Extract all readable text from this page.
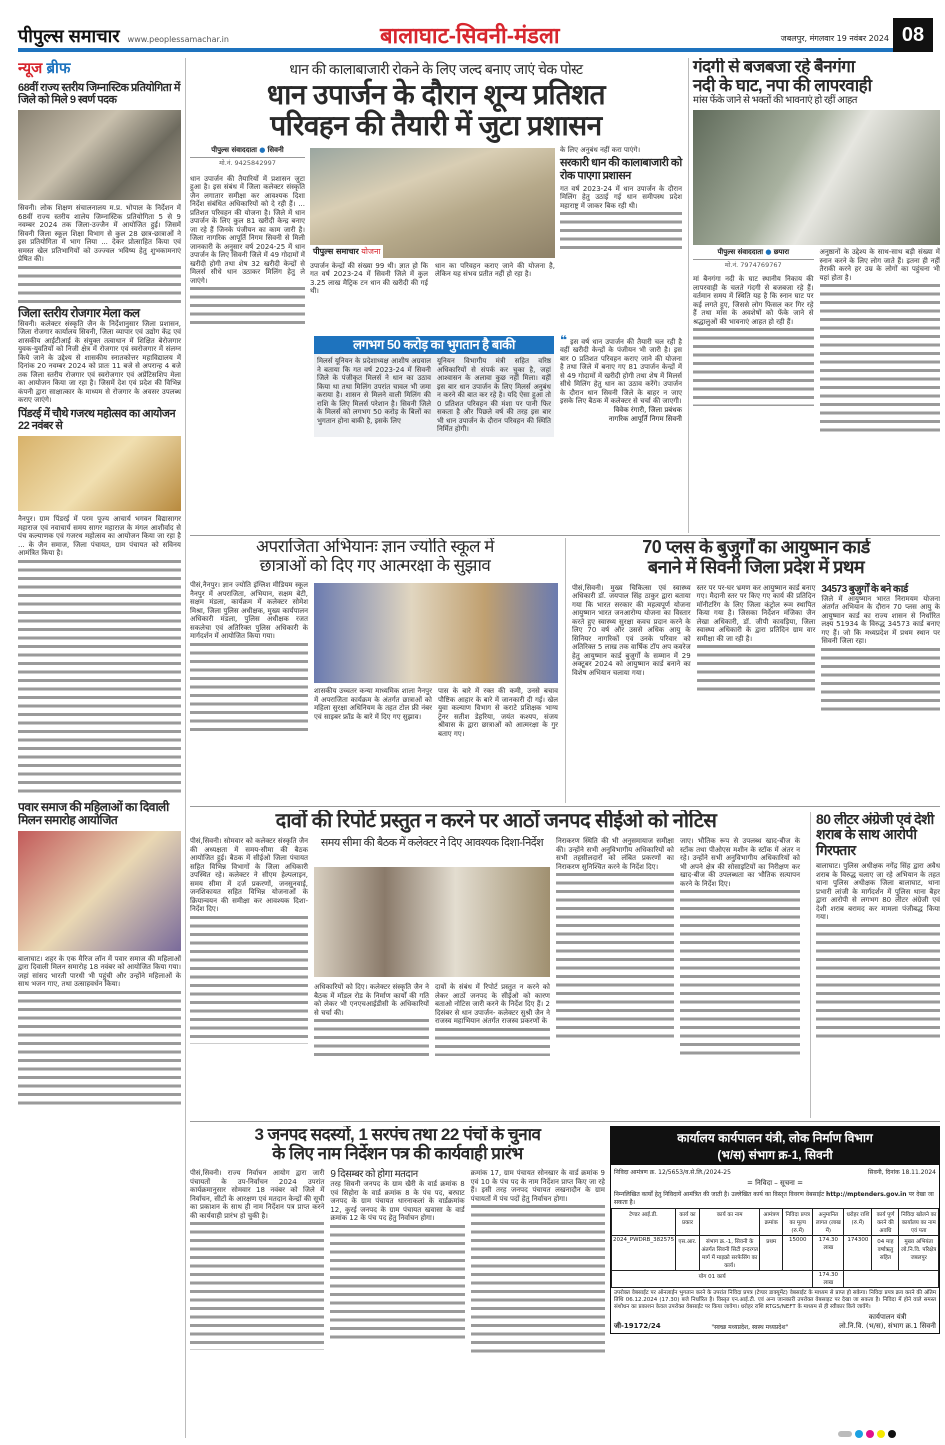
पीपुल्स समाचार www.peoplessamachar.in	बालाघाट-सिवनी-मंडला	जबलपुर, मंगलवार 19 नवंबर 2024 08
न्यूज ब्रीफ
68वीं राज्य स्तरीय जिम्नास्टिक प्रतियोगिता में जिले को मिले 9 स्वर्ण पदक
सिवनी। लोक शिक्षण संचालनालय म.प्र. भोपाल के निर्देशन में 68वीं राज्य स्तरीय शालेय जिम्नास्टिक प्रतियोगिता 5 से 9 नवम्बर 2024 तक जिला-उज्जैन में आयोजित हुई। जिसमें सिवनी जिला स्कूल शिक्षा विभाग से कुल 28 छात्र-छात्राओं ने इस प्रतियोगिता में भाग लिया ... देकर प्रोत्साहित किया एवं समस्त खेल प्रतिभागियों को उज्ज्वल भविष्य हेतु शुभकामनाएं प्रेषित की।
जिला स्तरीय रोजगार मेला कल
सिवनी। कलेक्टर संस्कृति जैन के निर्देशानुसार जिला प्रशासन, जिला रोजगार कार्यालय सिवनी, जिला व्यापार एवं उद्योग केंद्र एवं शासकीय आईटीआई के संयुक्त तत्वाधान में शिक्षित बेरोजगार युवक-युवतियों को निजी क्षेत्र में रोजगार एवं स्वरोजगार में संलग्न किये जाने के उद्देश्य से शासकीय स्नातकोत्तर महाविद्यालय में दिनांक 20 नवम्बर 2024 को प्रातः 11 बजे से अपरान्ह 4 बजे तक जिला स्तरीय रोजगार एवं स्वरोजगार एवं अप्रेंटिसशिप मेला का आयोजन किया जा रहा है। जिसमें देश एवं प्रदेश की विभिन्न कंपनी द्वारा साक्षात्कार के माध्यम से रोजगार के अवसर उपलब्ध कराए जाएंगे।
पिंडरई में चौथे गजरथ महोत्सव का आयोजन 22 नवंबर से
नैनपुर। ग्राम पिंडरई में परम पूज्य आचार्य भगवन विद्यासागर महाराज एवं नवाचार्य समय सागर महाराज के मंगल आशीर्वाद से पंच कल्याणक एवं गजरथ महोत्सव का आयोजन किया जा रहा है ... के जैन समाज, जिला पंचायत, ग्राम पंचायत को सविनय आमंत्रित किया है।
पवार समाज की महिलाओं का दिवाली मिलन समारोह आयोजित
बालाघाट। शहर के एक मैरिज लॉन में पवार समाज की महिलाओं द्वारा दिवाली मिलन समारोह 18 नवंबर को आयोजित किया गया। जहां सांसद भारती पारधी भी पहुंची और उन्होंने महिलाओं के साथ भजन गाए, तथा उत्साहवर्धन किया।
धान की कालाबाजारी रोकने के लिए जल्द बनाए जाएं चेक पोस्ट
धान उपार्जन के दौरान शून्य प्रतिशत
परिवहन की तैयारी में जुटा प्रशासन
पीपुल्स संवाददाता ● सिवनी
मो.नं. 9425842997
धान उपार्जन की तैयारियों में प्रशासन जुटा हुआ है। इस संबंध में जिला कलेक्टर संस्कृति जैन लगातार समीक्षा कर आवश्यक दिशा निर्देश संबंधित अधिकारियों को दे रही हैं। ... प्रतिशत परिवहन की योजना है। जिले में धान उपार्जन के लिए कुल 81 खरीदी केन्द्र बनाए जा रहे हैं जिनके पंजीयन का काम जारी है। जिला नागरिक आपूर्ति निगम सिवनी से मिली जानकारी के अनुसार वर्ष 2024-25 में धान उपार्जन के लिए सिवनी जिले में 49 गोदामों में खरीदी होगी तथा शेष 32 खरीदी केन्द्रों से मिलर्स सीधे धान उठाकर मिलिंग हेतु ले जाएंगे।
पीपुल्स समाचार योजना
उपार्जन केन्द्रों की संख्या 99 थी। ज्ञात हो कि गत वर्ष 2023-24 में सिवनी जिले में कुल 3.25 लाख मैट्रिक टन धान की खरीदी की गई थी।
धान का परिवहन कराए जाने की योजना है, लेकिन यह संभव प्रतीत नहीं हो रहा है।
के लिए अनुबंध नहीं करा पाएंगे।
सरकारी धान की कालाबाजारी को रोक पाएगा प्रशासन
गत वर्ष 2023-24 में धान उपार्जन के दौरान मिलिंग हेतु उठाई गई धान समीपस्थ प्रदेश महाराष्ट्र में जाकर बिक रही थी।
लगभग 50 करोड़ का भुगतान है बाकी
मिलर्स यूनियन के प्रदेशाध्यक्ष आशीष अग्रवाल ने बताया कि गत वर्ष 2023-24 में सिवनी जिले के पंजीकृत मिलर्स ने धान का उठाव किया था तथा मिलिंग उपरांत चावल भी जमा कराया है। शासन से मिलने वाली मिलिंग की राशि के लिए मिलर्स परेशान है। सिवनी जिले के मिलर्स को लगभग 50 करोड़ के बिलों का भुगतान होना बाकी है, इसके लिए
यूनियन विभागीय मंत्री सहित वरिष्ठ अधिकारियों से संपर्क कर चुका है, जहां आश्वासन के अलावा कुछ नहीं मिला। वहीं इस बार धान उपार्जन के लिए मिलर्स अनुबंध न करने की बात कर रहे है। यदि ऐसा हुआ तो 0 प्रतिशत परिवहन की मंशा पर पानी फिर सकता है और पिछले वर्ष की तरह इस बार भी धान उपार्जन के दौरान परिवहन की स्थिति निर्मित होगी।
❝ इस वर्ष धान उपार्जन की तैयारी चल रही है वहीं खरीदी केन्द्रों के पंजीयन भी जारी है। इस बार 0 प्रतिशत परिवहन कराए जाने की योजना है तथा जिले में बनाए गए 81 उपार्जन केन्द्रों में से 49 गोदामों में खरीदी होगी तथा शेष में मिलर्स सीधे मिलिंग हेतु धान का उठाव करेंगे। उपार्जन के दौरान धान सिवनी जिले के बाहर न जाए इसके लिए बैठक में कलेक्टर से चर्चा की जाएगी।
विवेक रंगारी, जिला प्रबंधक
नागरिक आपूर्ति निगम सिवनी
गंदगी से बजबजा रहे बैनगंगा
नदी के घाट, नपा की लापरवाही
मांस फेंके जाने से भक्तों की भावनाएं हो रहीं आहत
पीपुल्स संवाददाता ● छपारा
मो.नं. 7974769767
मां बैनगंगा नदी के घाट स्थानीय निकाय की लापरवाही के चलते गंदगी से बजबजा रहे हैं। वर्तमान समय में स्थिति यह है कि स्नान घाट पर कई लगते हुए, जिससे लोग फिसल कर गिर रहे हैं तथा मांस के अवशेषों को फेंके जाने से श्रद्धालुओं की भावनाएं आहत हो रही हैं।
अनुष्ठानों के उद्देश्य के साथ-साथ बड़ी संख्या में स्नान करने के लिए लोग जाते हैं। इतना ही नहीं तैराकी करने हर उम्र के लोगों का पहुंचना भी यहां होता है।
अपराजिता अभियानः ज्ञान ज्योति स्कूल में
छात्राओं को दिए गए आत्मरक्षा के सुझाव
पीसं,नैनपुर। ज्ञान ज्योति इंग्लिश मीडियम स्कूल नैनपुर में अपराजिता, अभियान, सक्षम बेटी, सक्षम मंडला, कार्यक्रम में कलेक्टर सोमेश मिश्रा, जिला पुलिस अधीक्षक, मुख्य कार्यपालन अधिकारी मंडला, पुलिस अधीक्षक रजत सकलेचा एवं अतिरिक्त पुलिस अधिकारी के मार्गदर्शन में आयोजित किया गया।
शासकीय उच्चतर कन्या माध्यमिक शाला नैनपुर में अपराजिता कार्यक्रम के अंतर्गत छात्राओं को महिला सुरक्षा अधिनियम के तहत टोल फ्री नंबर एवं साइबर फ्रॉड के बारे में दिए गए सुझाव।
पास के बारे में रक्त की कमी, उनसे बचाव पौष्टिक आहार के बारे में जानकारी दी गई। खेल युवा कल्याण विभाग से कराटे प्रशिक्षक भाग्य ट्रेनर सतीश डेहरिया, जयंत कश्यप, संजय श्रीवास के द्वारा छात्राओं को आत्मरक्षा के गुर बताए गए।
70 प्लस के बुजुर्गों का आयुष्मान कार्ड
बनाने में सिवनी जिला प्रदेश में प्रथम
पीसं,सिवनी। मुख्य चिकित्सा एवं स्वास्थ्य अधिकारी डॉ. जयपाल सिंह ठाकुर द्वारा बताया गया कि भारत सरकार की महत्वपूर्ण योजना आयुष्मान भारत जनआरोग्य योजना का विस्तार करते हुए स्वास्थ्य सुरक्षा कवच प्रदान करने के लिए 70 वर्ष और उससे अधिक आयु के सिनियर नागरिकों एवं उनके परिवार को अतिरिक्त 5 लाख तक वार्षिक टॉप अप कवरेज हेतु आयुष्मान कार्ड बुजुर्गों के सम्मान में 29 अक्टूबर 2024 को आयुष्मान कार्ड बनाने का विशेष अभियान चलाया गया।
स्तर पर पर-घर भ्रमण कर आयुष्मान कार्ड बनाए गए। मैदानी स्तर पर किए गए कार्य की प्रतिदिन मॉनीटरिंग के लिए जिला कंट्रोल रूम स्थापित किया गया है। जिसका निर्देशन मंजिका जैन लेखा अधिकारी, डॉ. जीपी कावड़िया, जिला स्वास्थ्य अधिकारी के द्वारा प्रतिदिन ग्राम वार समीक्षा की जा रही है।
34573 बुजुर्गों के बने कार्ड
जिले में आयुष्मान भारत निरामयम योजना अंतर्गत अभियान के दौरान 70 प्लस आयु के आयुष्मान कार्ड का राज्य शासन से निर्धारित लक्ष्य 51934 के विरुद्ध 34573 कार्ड बनाए गए हैं। जो कि मध्यप्रदेश में प्रथम स्थान पर सिवनी जिला रहा।
दावों की रिपोर्ट प्रस्तुत न करने पर आठों जनपद सीईओ को नोटिस
पीसं,सिवनी। सोमवार को कलेक्टर संस्कृति जैन की अध्यक्षता में समय-सीमा की बैठक आयोजित हुई। बैठक में सीईओ जिला पंचायत सहित विभिन्न विभागों के जिला अधिकारी उपस्थित रहे। कलेक्टर ने सीएम हेल्पलाइन, समय सीमा में दर्ज प्रकरणों, जनसुनवाई, जनशिकायत सहित विभिन्न योजनाओं के क्रियान्वयन की समीक्षा कर आवश्यक दिशा-निर्देश दिए।
समय सीमा की बैठक में कलेक्टर ने दिए आवश्यक दिशा-निर्देश
अधिकारियों को दिए। कलेक्टर संस्कृति जैन ने बैठक में मॉडल रोड के निर्माण कार्यों की गति को लेकर भी एनएचआईडीसी के अधिकारियों से चर्चा की।
दावों के संबंध में रिपोर्ट प्रस्तुत न करने को लेकर आठों जनपद के सीईओ को कारण बताओ नोटिस जारी करने के निर्देश दिए हैं। 2 दिसंबर से धान उपार्जन- कलेक्टर सुश्री जैन ने राजस्व महाभियान अंतर्गत राजस्व प्रकरणों के
निराकरण स्थिति की भी अनुसमायाज समीक्षा की। उन्होंने सभी अनुविभागीय अधिकारियों को सभी तहसीलदारों को लंबित प्रकरणों का निराकरण सुनिश्चित करने के निर्देश दिए।
जाए। भौतिक रूप से उपलब्ध खाद-बीज के स्टॉक तथा पीओएस मशीन के स्टॉक में अंतर न रहे। उन्होंने सभी अनुविभागीय अधिकारियों को भी अपने क्षेत्र की सोसाइटियों का निरीक्षण कर खाद-बीज की उपलब्धता का भौतिक सत्यापन करने के निर्देश दिए।
80 लीटर अंग्रेजी एवं देशी शराब के साथ आरोपी गिरफ्तार
बालाघाट। पुलिस अधीक्षक नगेंद्र सिंह द्वारा अवैध शराब के विरुद्ध चलाए जा रहे अभियान के तहत थाना पुलिस अधीक्षक जिला बालाघाट, थाना प्रभारी लांजी के मार्गदर्शन में पुलिस थाना बैहर द्वारा आरोपी से लगभग 80 लीटर अंग्रेजी एवं देशी शराब बरामद कर मामला पंजीबद्ध किया गया।
3 जनपद सदस्यों, 1 सरपंच तथा 22 पंचों के चुनाव
के लिए नाम निर्देशन पत्र की कार्यवाही प्रारंभ
पीसं,सिवनी। राज्य निर्वाचन आयोग द्वारा जारी पंचायतों के उप-निर्वाचन 2024 उपरांत कार्यक्रमानुसार सोमवार 18 नवंबर को जिले में निर्वाचन, सीटों के आरक्षण एवं मतदान केन्द्रों की सूची का प्रकाशन के साथ ही नाम निर्देशन पत्र प्राप्त करने की कार्यवाही प्रारंभ हो चुकी है।
9 दिसम्बर को होगा मतदान
तरह सिवनी जनपद के ग्राम खैरी के वार्ड क्रमांक 8 एवं सिहोरा के वार्ड क्रमांक 8 के पंच पद, बरघाट जनपद के ग्राम पंचायत धारनाकलां के वार्डक्रमांक 12, कुरई जनपद के ग्राम पंचायत खवासा के वार्ड क्रमांक 12 के पंच पद हेतु निर्वाचन होगा।
क्रमांक 17, ग्राम पंचायत सोनखार के वार्ड क्रमांक 9 एवं 10 के पंच पद के नाम निर्देशन प्राप्त किए जा रहे हैं। इसी तरह जनपद पंचायत लखनादौन के ग्राम पंचायतों में पंच पदों हेतु निर्वाचन होगा।
कार्यालय कार्यपालन यंत्री, लोक निर्माण विभाग
(भ/स) संभाग क्र-1, सिवनी
निविदा आमंत्रण क्र. 12/5653/व.से.लि./2024-25	सिवनी, दिनांक 18.11.2024
= निविदा – सूचना =
निम्नलिखित कार्यों हेतु निविदायें आमंत्रित की जाती है। उल्लेखित कार्य का विस्तृत विवरण वेबसाईट http://mptenders.gov.in पर देखा जा सकता है।
टेण्डर आई.डी.	कार्य का प्रकार	कार्य का नाम	आमंत्रण क्रमांक	निविदा प्रपत्र का मूल्य (रु.में)	अनुमानित लागत (लाख में)	धरोहर राशि (रु.में)	कार्य पूर्ण करने की अवधि	निविदा खोलने का कार्यालय का नाम एवं पता
2024_PWDRB_382575	एस.आर.	संभाग क्र.-1, सिवनी के अंतर्गत सिवनी सिटी इन्दरगत मार्ग में माइक्रो सरफेसिंग का कार्य।	प्रथम	15000	174.30 लाख	174300	04 माह वर्षाऋतु सहित	मुख्य अभियंता लो.नि.वि. परिक्षेत्र जबलपुर
योग 01 कार्य					174.30 लाख			
उपरोक्त वेबसाईट पर ऑनलाईन भुगतान करने के उपरांत निविदा प्रपत्र (टेण्डर डाक्यूमेंट) वेबसाईट के माध्यम से प्राप्त हो सकेगा। निविदा प्रपत्र क्रय करने की अंतिम तिथि 06.12.2024 (17.30) बजे निर्धारित है। विस्तृत एन.आई.टी. एवं अन्य जानकारी उपरोक्त वेबसाइट पर देखा जा सकता है। निविदा में होने वाले समस्त संशोधन का प्रकाशन केवल उपरोक्त वेबसाईट पर किया जावेगा। धरोहर राशि RTGS/NEFT के माध्यम से ही स्वीकार किये जावेंगे।
जी-19172/24	"स्वच्छ मध्यप्रदेश, स्वस्थ मध्यप्रदेश"
कार्यपालन यंत्री
लो.नि.वि. (भ/स), संभाग क्र.1 सिवनी
